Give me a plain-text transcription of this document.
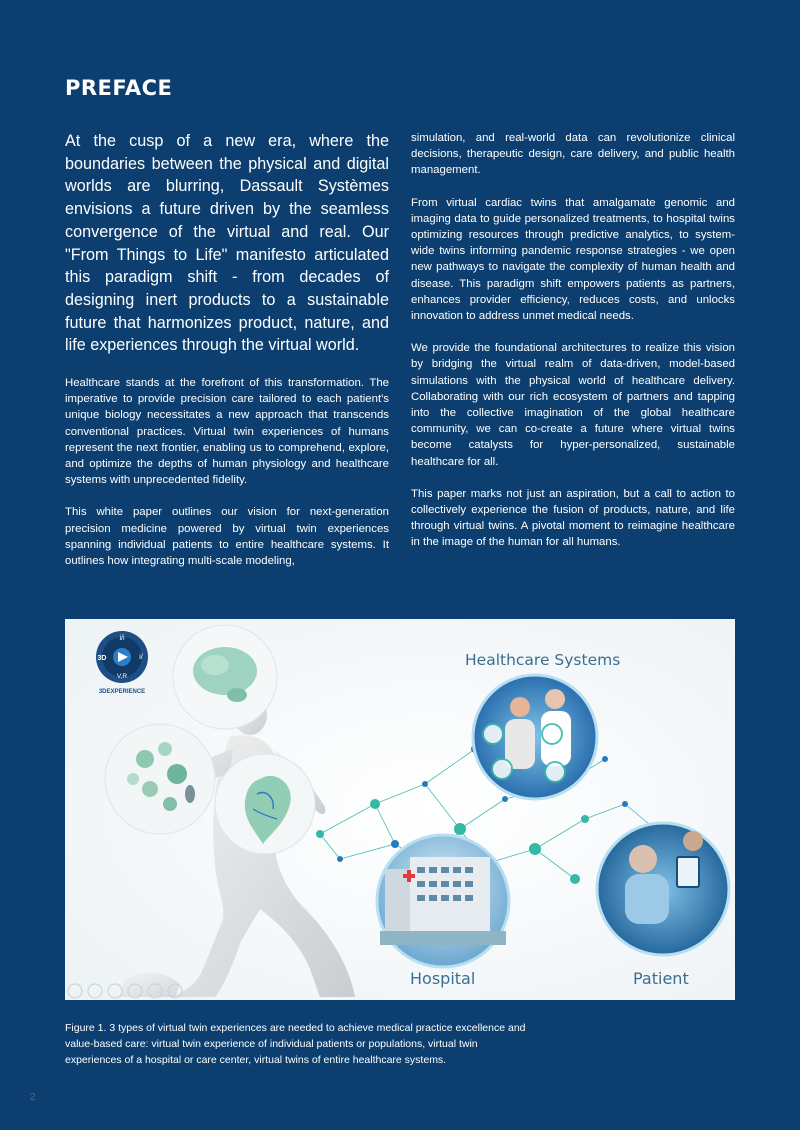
PREFACE

At the cusp of a new era, where the boundaries between the physical and digital worlds are blurring, Dassault Systèmes envisions a future driven by the seamless convergence of the virtual and real. Our "From Things to Life" manifesto articulated this paradigm shift - from decades of designing inert products to a sustainable future that harmonizes product, nature, and life experiences through the virtual world.

Healthcare stands at the forefront of this transformation. The imperative to provide precision care tailored to each patient's unique biology necessitates a new approach that transcends conventional practices. Virtual twin experiences of humans represent the next frontier, enabling us to comprehend, explore, and optimize the depths of human physiology and healthcare systems with unprecedented fidelity.

This white paper outlines our vision for next-generation precision medicine powered by virtual twin experiences spanning individual patients to entire healthcare systems. It outlines how integrating multi-scale modeling,

simulation, and real-world data can revolutionize clinical decisions, therapeutic design, care delivery, and public health management.

From virtual cardiac twins that amalgamate genomic and imaging data to guide personalized treatments, to hospital twins optimizing resources through predictive analytics, to system-wide twins informing pandemic response strategies - we open new pathways to navigate the complexity of human health and disease. This paradigm shift empowers patients as partners, enhances provider efficiency, reduces costs, and unlocks innovation to address unmet medical needs.

We provide the foundational architectures to realize this vision by bridging the virtual realm of data-driven, model-based simulations with the physical world of healthcare delivery. Collaborating with our rich ecosystem of partners and tapping into the collective imagination of the global healthcare community, we can co-create a future where virtual twins become catalysts for hyper-personalized, sustainable healthcare for all.

This paper marks not just an aspiration, but a call to action to collectively experience the fusion of products, nature, and life through virtual twins. A pivotal moment to reimagine healthcare in the image of the human for all humans.

i/i
3D	i/
V,R
3DEXPERIENCE
Healthcare Systems
Hospital	Patient

Figure 1. 3 types of virtual twin experiences are needed to achieve medical practice excellence and value-based care: virtual twin experience of individual patients or populations, virtual twin experiences of a hospital or care center, virtual twins of entire healthcare systems.

2
